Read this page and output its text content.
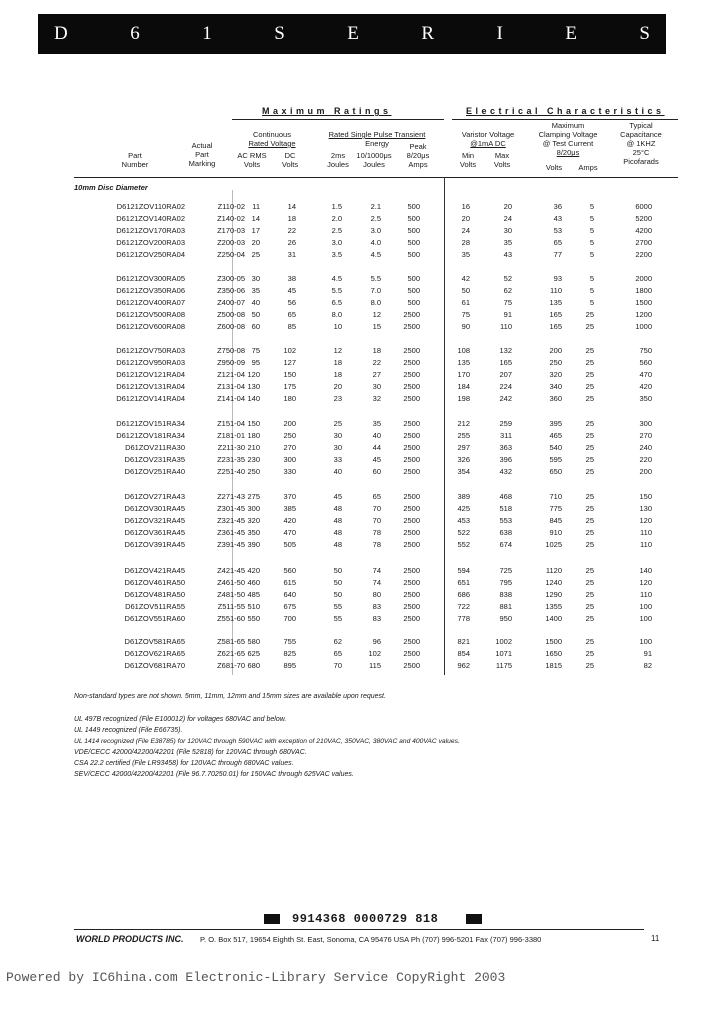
D	6	1	S	E	R	I	E	S
Maximum Ratings	Electrical Characteristics
Part
Number
Actual
Part
Marking
Continuous
Rated Voltage
AC RMS
Volts
DC
Volts
Rated Single Pulse Transient
Energy
2ms
Joules
10/1000μs
Joules
Peak
8/20μs
Amps
Varistor Voltage
@1mA DC
Min
Volts
Max
Volts
Maximum
Clamping Voltage
@ Test Current
8/20μs
Volts	Amps
Typical
Capacitance
@ 1KHZ
25°C
Picofarads
10mm Disc Diameter
D6121ZOV110RA02	Z110-02 11	14	1.5	2.1	500	16	20	36	5	6000
D6121ZOV140RA02	Z140-02 14	18	2.0	2.5	500	20	24	43	5	5200
D6121ZOV170RA03	Z170-03 17	22	2.5	3.0	500	24	30	53	5	4200
D6121ZOV200RA03	Z200-03 20	26	3.0	4.0	500	28	35	65	5	2700
D6121ZOV250RA04	Z250-04 25	31	3.5	4.5	500	35	43	77	5	2200
D6121ZOV300RA05	Z300-05 30	38	4.5	5.5	500	42	52	93	5	2000
D6121ZOV350RA06	Z350-06 35	45	5.5	7.0	500	50	62	110	5	1800
D6121ZOV400RA07	Z400-07 40	56	6.5	8.0	500	61	75	135	5	1500
D6121ZOV500RA08	Z500-08 50	65	8.0	12	2500	75	91	165	25	1200
D6121ZOV600RA08	Z600-08 60	85	10	15	2500	90	110	165	25	1000
D6121ZOV750RA03	Z750-08 75	102	12	18	2500	108	132	200	25	750
D6121ZOV950RA03	Z950-09 95	127	18	22	2500	135	165	250	25	560
D6121ZOV121RA04	Z121-04 120	150	18	27	2500	170	207	320	25	470
D6121ZOV131RA04	Z131-04 130	175	20	30	2500	184	224	340	25	420
D6121ZOV141RA04	Z141-04 140	180	23	32	2500	198	242	360	25	350
D6121ZOV151RA34	Z151-04 150	200	25	35	2500	212	259	395	25	300
D6121ZOV181RA34	Z181-01 180	250	30	40	2500	255	311	465	25	270
D61ZOV211RA30	Z211-30 210	270	30	44	2500	297	363	540	25	240
D61ZOV231RA35	Z231-35 230	300	33	45	2500	326	396	595	25	220
D61ZOV251RA40	Z251-40 250	330	40	60	2500	354	432	650	25	200
D61ZOV271RA43	Z271-43 275	370	45	65	2500	389	468	710	25	150
D61ZOV301RA45	Z301-45 300	385	48	70	2500	425	518	775	25	130
D61ZOV321RA45	Z321-45 320	420	48	70	2500	453	553	845	25	120
D61ZOV361RA45	Z361-45 350	470	48	78	2500	522	638	910	25	110
D61ZOV391RA45	Z391-45 390	505	48	78	2500	552	674	1025	25	110
D61ZOV421RA45	Z421-45 420	560	50	74	2500	594	725	1120	25	140
D61ZOV461RA50	Z461-50 460	615	50	74	2500	651	795	1240	25	120
D61ZOV481RA50	Z481-50 485	640	50	80	2500	686	838	1290	25	110
D61ZOV511RA55	Z511-55 510	675	55	83	2500	722	881	1355	25	100
D61ZOV551RA60	Z551-60 550	700	55	83	2500	778	950	1400	25	100
D61ZOV581RA65	Z581-65 580	755	62	96	2500	821	1002	1500	25	100
D61ZOV621RA65	Z621-65 625	825	65	102	2500	854	1071	1650	25	91
D61ZOV681RA70	Z681-70 680	895	70	115	2500	962	1175	1815	25	82
Non-standard types are not shown. 5mm, 11mm, 12mm and 15mm sizes are available upon request.
UL 497B recognized (File E100012) for voltages 680VAC and below.
UL 1449 recognized (File E66735).
UL 1414 recognized (File E38785) for 120VAC through 590VAC with exception of 210VAC, 350VAC, 380VAC and 400VAC values.
VDE/CECC 42000/42200/42201 (File 52818) for 120VAC through 680VAC.
CSA 22.2 certified (File LR93458) for 120VAC through 680VAC values.
SEV/CECC 42000/42200/42201 (File 96.7.70250.01) for 150VAC through 625VAC values.
9914368 0000729 818
WORLD PRODUCTS INC. P. O. Box 517, 19654 Eighth St. East, Sonoma, CA 95476 USA Ph (707) 996-5201 Fax (707) 996-3380	11
Powered by IC6hina.com Electronic-Library Service CopyRight 2003
